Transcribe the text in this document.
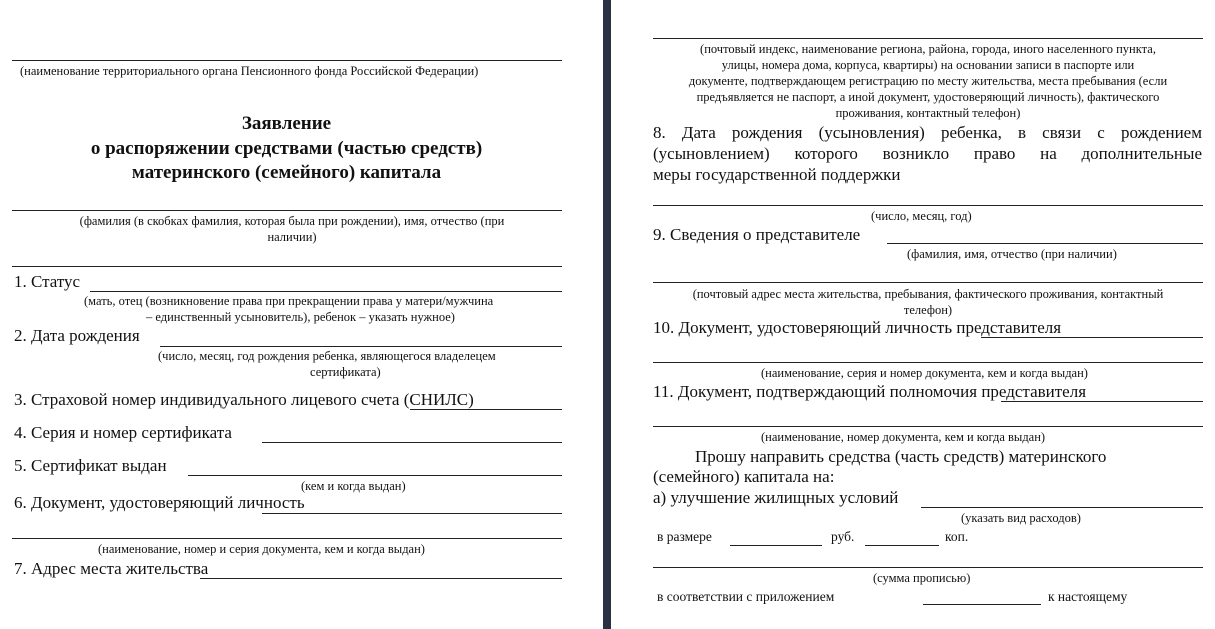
(наименование территориального органа Пенсионного фонда Российской Федерации)
Заявление
о распоряжении средствами (частью средств)
материнского (семейного) капитала
(фамилия (в скобках фамилия, которая была при рождении), имя, отчество (при
наличии)
1. Статус
(мать, отец (возникновение права при прекращении права у матери/мужчина
– единственный усыновитель), ребенок – указать нужное)
2. Дата рождения
(число, месяц, год рождения ребенка, являющегося владелецем
сертификата)
3. Страховой номер индивидуального лицевого счета (СНИЛС)
4. Серия и номер сертификата
5. Сертификат выдан
(кем и когда выдан)
6. Документ, удостоверяющий личность
(наименование, номер и серия документа, кем и когда выдан)
7. Адрес места жительства
(почтовый индекс, наименование региона, района, города, иного населенного пункта,
улицы, номера дома, корпуса, квартиры) на основании записи в паспорте или
документе, подтверждающем регистрацию по месту жительства, места пребывания (если
предъявляется не паспорт, а иной документ, удостоверяющий личность), фактического
проживания, контактный телефон)
8. Дата рождения (усыновления) ребенка, в связи с рождением
(усыновлением) которого возникло право на дополнительные
меры государственной поддержки
(число, месяц, год)
9. Сведения о представителе
(фамилия, имя, отчество (при наличии)
(почтовый адрес места жительства, пребывания, фактического проживания, контактный
телефон)
10. Документ, удостоверяющий личность представителя
(наименование, серия и номер документа, кем и когда выдан)
11. Документ, подтверждающий полномочия представителя
(наименование, номер документа, кем и когда выдан)
Прошу направить средства (часть средств) материнского
(семейного) капитала на:
а) улучшение жилищных условий
(указать вид расходов)
в размере	руб.	коп.
(сумма прописью)
в соответствии с приложением	к настоящему
